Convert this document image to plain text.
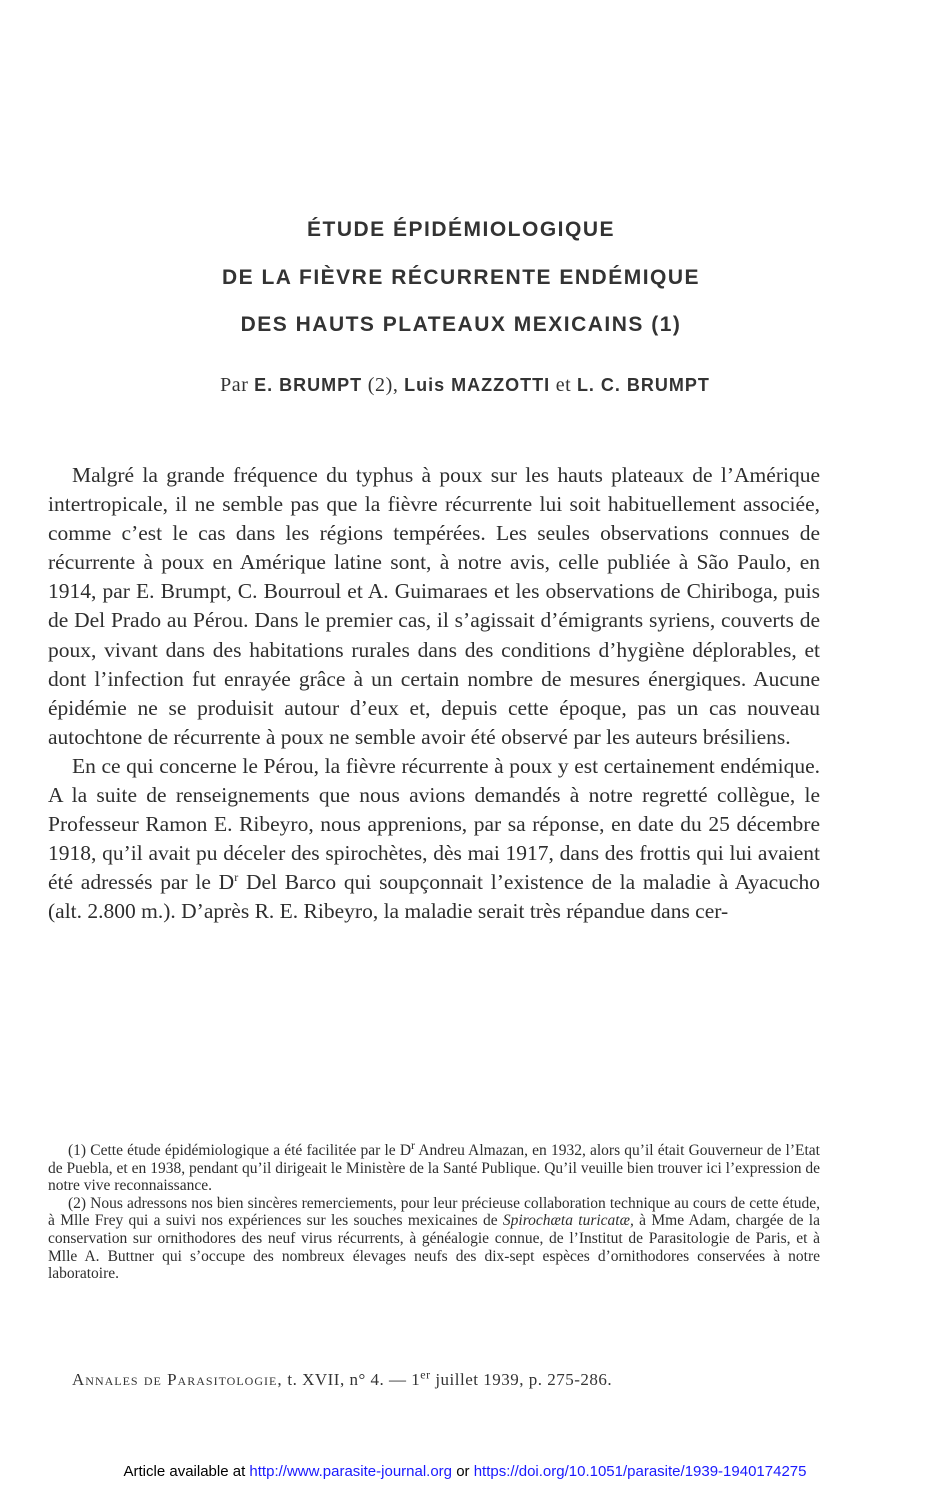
ÉTUDE ÉPIDÉMIOLOGIQUE
DE LA FIÈVRE RÉCURRENTE ENDÉMIQUE
DES HAUTS PLATEAUX MEXICAINS (1)
Par E. BRUMPT (2), Luis MAZZOTTI et L. C. BRUMPT

Malgré la grande fréquence du typhus à poux sur les hauts plateaux de l’Amérique intertropicale, il ne semble pas que la fièvre récurrente lui soit habituellement associée, comme c’est le cas dans les régions tempérées. Les seules observations connues de récurrente à poux en Amérique latine sont, à notre avis, celle publiée à São Paulo, en 1914, par E. Brumpt, C. Bourroul et A. Guimaraes et les observations de Chiriboga, puis de Del Prado au Pérou. Dans le premier cas, il s’agissait d’émigrants syriens, couverts de poux, vivant dans des habitations rurales dans des conditions d’hygiène déplorables, et dont l’infection fut enrayée grâce à un certain nombre de mesures énergiques. Aucune épidémie ne se produisit autour d’eux et, depuis cette époque, pas un cas nouveau autochtone de récurrente à poux ne semble avoir été observé par les auteurs brésiliens.

En ce qui concerne le Pérou, la fièvre récurrente à poux y est certainement endémique. A la suite de renseignements que nous avions demandés à notre regretté collègue, le Professeur Ramon E. Ribeyro, nous apprenions, par sa réponse, en date du 25 décembre 1918, qu’il avait pu déceler des spirochètes, dès mai 1917, dans des frottis qui lui avaient été adressés par le $D^r$ Del Barco qui soupçonnait l’existence de la maladie à Ayacucho (alt. 2.800 m.). D’après R. E. Ribeyro, la maladie serait très répandue dans cer-

(1) Cette étude épidémiologique a été facilitée par le $D^r$ Andreu Almazan, en 1932, alors qu’il était Gouverneur de l’Etat de Puebla, et en 1938, pendant qu’il dirigeait le Ministère de la Santé Publique. Qu’il veuille bien trouver ici l’expression de notre vive reconnaissance.

(2) Nous adressons nos bien sincères remerciements, pour leur précieuse collaboration technique au cours de cette étude, à Mlle Frey qui a suivi nos expériences sur les souches mexicaines de Spirochæta turicatæ, à Mme Adam, chargée de la conservation sur ornithodores des neuf virus récurrents, à généalogie connue, de l’Institut de Parasitologie de Paris, et à Mlle A. Buttner qui s’occupe des nombreux élevages neufs des dix-sept espèces d’ornithodores conservées à notre laboratoire.

Annales de Parasitologie, t. XVII, n° 4. — 1er juillet 1939, p. 275-286.
Article available at http://www.parasite-journal.org or https://doi.org/10.1051/parasite/1939-1940174275
